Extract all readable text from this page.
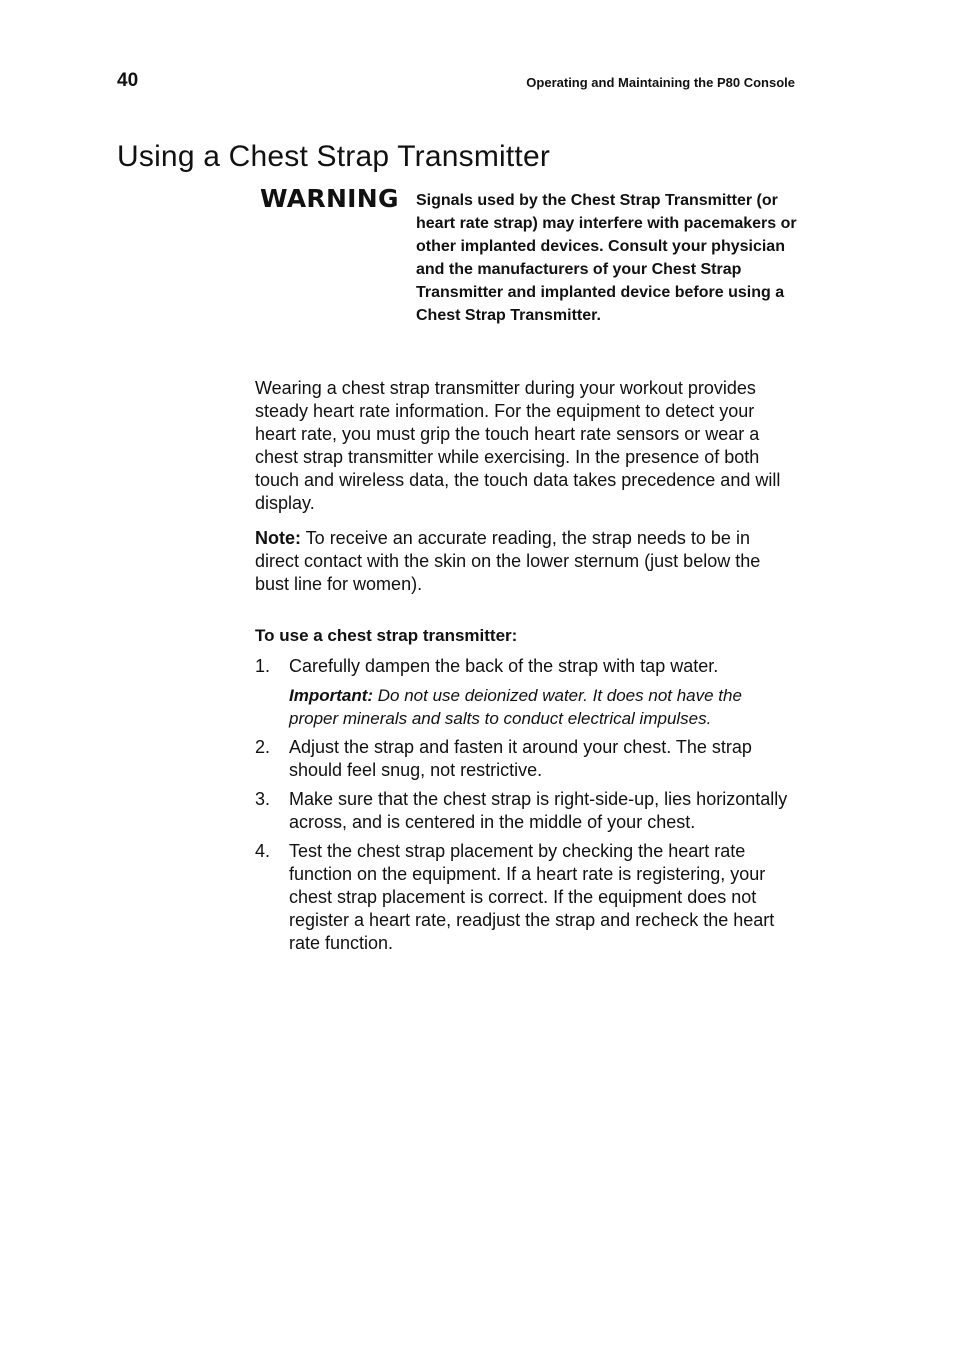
40	Operating and Maintaining the P80 Console
Using a Chest Strap Transmitter
WARNING Signals used by the Chest Strap Transmitter (or heart rate strap) may interfere with pacemakers or other implanted devices. Consult your physician and the manufacturers of your Chest Strap Transmitter and implanted device before using a Chest Strap Transmitter.

Wearing a chest strap transmitter during your workout provides steady heart rate information. For the equipment to detect your heart rate, you must grip the touch heart rate sensors or wear a chest strap transmitter while exercising. In the presence of both touch and wireless data, the touch data takes precedence and will display.

Note: To receive an accurate reading, the strap needs to be in direct contact with the skin on the lower sternum (just below the bust line for women).

To use a chest strap transmitter:
1. Carefully dampen the back of the strap with tap water.

Important: Do not use deionized water. It does not have the proper minerals and salts to conduct electrical impulses.

2. Adjust the strap and fasten it around your chest. The strap should feel snug, not restrictive.
3. Make sure that the chest strap is right-side-up, lies horizontally across, and is centered in the middle of your chest.
4. Test the chest strap placement by checking the heart rate function on the equipment. If a heart rate is registering, your chest strap placement is correct. If the equipment does not register a heart rate, readjust the strap and recheck the heart rate function.
